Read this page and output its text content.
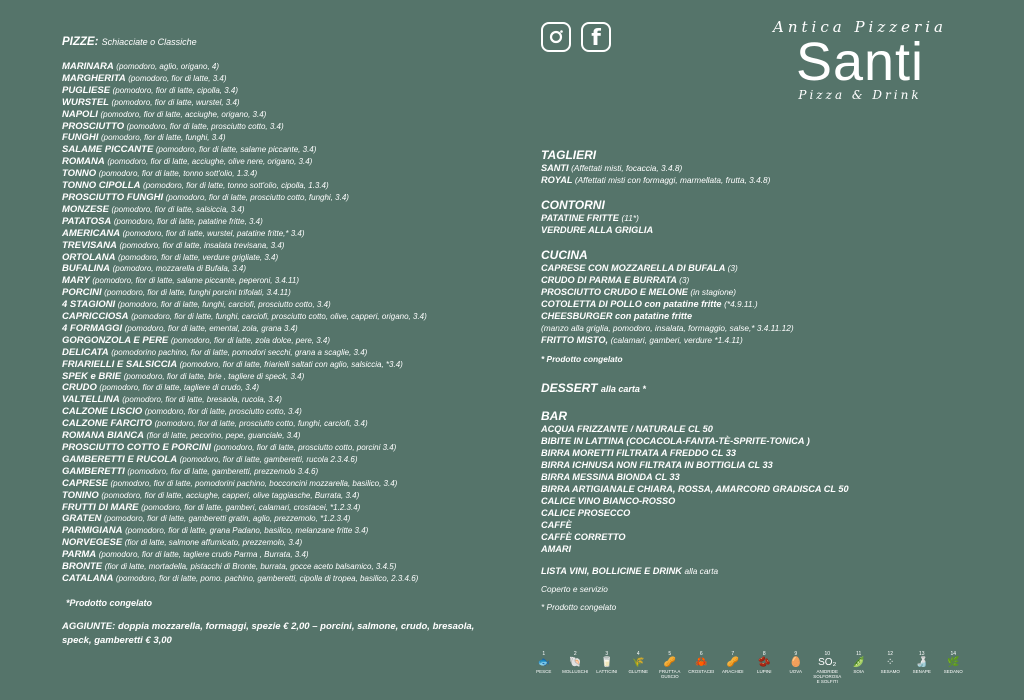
PIZZE: Schiacciate o Classiche
MARINARA (pomodoro, aglio, origano, 4)
MARGHERITA (pomodoro, fior di latte, 3.4)
PUGLIESE (pomodoro, fior di latte, cipolla, 3.4)
WURSTEL (pomodoro, fior di latte, wurstel, 3.4)
NAPOLI (pomodoro, fior di latte, acciughe, origano, 3.4)
PROSCIUTTO (pomodoro, fior di latte, prosciutto cotto, 3.4)
FUNGHI (pomodoro, fior di latte, funghi, 3.4)
SALAME PICCANTE (pomodoro, fior di latte, salame piccante, 3.4)
ROMANA (pomodoro, fior di latte, acciughe, olive nere, origano, 3.4)
TONNO (pomodoro, fior di latte, tonno sott'olio, 1.3.4)
TONNO CIPOLLA (pomodoro, fior di latte, tonno sott'olio, cipolla, 1.3.4)
PROSCIUTTO FUNGHI (pomodoro, fior di latte, prosciutto cotto, funghi, 3.4)
MONZESE (pomodoro, fior di latte, salsiccia, 3.4)
PATATOSA (pomodoro, fior di latte, patatine fritte, 3.4)
AMERICANA (pomodoro, fior di latte, wurstel, patatine fritte,* 3.4)
TREVISANA (pomodoro, fior di latte, insalata trevisana, 3.4)
ORTOLANA (pomodoro, fior di latte, verdure grigliate, 3.4)
BUFALINA (pomodoro, mozzarella di Bufala, 3.4)
MARY (pomodoro, fior di latte, salame piccante, peperoni, 3.4.11)
PORCINI (pomodoro, fior di latte, funghi porcini trifolati, 3.4.11)
4 STAGIONI (pomodoro, fior di latte, funghi, carciofi, prosciutto cotto, 3.4)
CAPRICCIOSA (pomodoro, fior di latte, funghi, carciofi, prosciutto cotto, olive, capperi, origano, 3.4)
4 FORMAGGI (pomodoro, fior di latte, emental, zola, grana 3.4)
GORGONZOLA E PERE (pomodoro, fior di latte, zola dolce, pere, 3.4)
DELICATA (pomodorino pachino, fior di latte, pomodori secchi, grana a scaglie, 3.4)
FRIARIELLI E SALSICCIA (pomodoro, fior di latte, friarielli saltati con aglio, salsiccia, *3.4)
SPEK e BRIE (pomodoro, fior di latte, brie , tagliere di speck, 3.4)
CRUDO (pomodoro, fior di latte, tagliere di crudo, 3.4)
VALTELLINA (pomodoro, fior di latte, bresaola, rucola, 3.4)
CALZONE LISCIO (pomodoro, fior di latte, prosciutto cotto, 3.4)
CALZONE FARCITO (pomodoro, fior di latte, prosciutto cotto, funghi, carciofi, 3.4)
ROMANA BIANCA (fior di latte, pecorino, pepe, guanciale, 3.4)
PROSCIUTTO COTTO E PORCINI (pomodoro, fior di latte, prosciutto cotto, porcini 3.4)
GAMBERETTI E RUCOLA (pomodoro, fior di latte, gamberetti, rucola 2.3.4.6)
GAMBERETTI (pomodoro, fior di latte, gamberetti, prezzemolo 3.4.6)
CAPRESE (pomodoro, fior di latte, pomodorini pachino, bocconcini mozzarella, basilico, 3.4)
TONINO (pomodoro, fior di latte, acciughe, capperi, olive taggiasche, Burrata, 3.4)
FRUTTI DI MARE (pomodoro, fior di latte, gamberi, calamari, crostacei, *1.2.3.4)
GRATEN (pomodoro, fior di latte, gamberetti gratin, aglio, prezzemolo, *1.2.3.4)
PARMIGIANA (pomodoro, fior di latte, grana Padano, basilico, melanzane fritte 3.4)
NORVEGESE (fior di latte, salmone affumicato, prezzemolo, 3.4)
PARMA (pomodoro, fior di latte, tagliere crudo Parma , Burrata, 3.4)
BRONTE (fior di latte, mortadella, pistacchi di Bronte, burrata, gocce aceto balsamico, 3.4.5)
CATALANA (pomodoro, fior di latte, pomo. pachino, gamberetti, cipolla di tropea, basilico, 2.3.4.6)
*Prodotto congelato
AGGIUNTE: doppia mozzarella, formaggi, spezie € 2,00 – porcini, salmone, crudo, bresaola, speck, gamberetti € 3,00
f	Antica Pizzeria
Santi
Pizza & Drink
TAGLIERI
SANTI (Affettati misti, focaccia, 3.4.8)
ROYAL (Affettati misti con formaggi, marmellata, frutta, 3.4.8)
CONTORNI
PATATINE FRITTE (11*)
VERDURE ALLA GRIGLIA
CUCINA
CAPRESE CON MOZZARELLA DI BUFALA (3)
CRUDO DI PARMA E BURRATA (3)
PROSCIUTTO CRUDO E MELONE (in stagione)
COTOLETTA DI POLLO con patatine fritte (*4.9.11.)
CHEESBURGER con patatine fritte
(manzo alla griglia, pomodoro, insalata, formaggio, salse,* 3.4.11.12)
FRITTO MISTO, (calamari, gamberi, verdure *1.4.11)
* Prodotto congelato
DESSERT alla carta *
BAR
ACQUA FRIZZANTE / NATURALE CL 50
BIBITE IN LATTINA (COCACOLA-FANTA-TÈ-SPRITE-TONICA )
BIRRA MORETTI FILTRATA A FREDDO CL 33
BIRRA ICHNUSA NON FILTRATA IN BOTTIGLIA CL 33
BIRRA MESSINA BIONDA CL 33
BIRRA ARTIGIANALE CHIARA, ROSSA, AMARCORD GRADISCA CL 50
CALICE VINO BIANCO-ROSSO
CALICE PROSECCO
CAFFÈ
CAFFÈ CORRETTO
AMARI
LISTA VINI, BOLLICINE E DRINK alla carta
Coperto e servizio
* Prodotto congelato
1
🐟
PESCE
2
🐚
MOLLUSCHI
3
🥛
LATTICINI
4
🌾
GLUTINE
5
🥜
FRUTTA A GUSCIO
6
🦀
CROSTACEI
7
🥜
ARACHIDI
8
🫘
LUPINI
9
🥚
UOVA
10
SO₂
ANIDRIDE SOLFOROSA E SOLFITI
11
🫛
SOIA
12
⁘
SESAMO
13
🍶
SENAPE
14
🌿
SEDANO
